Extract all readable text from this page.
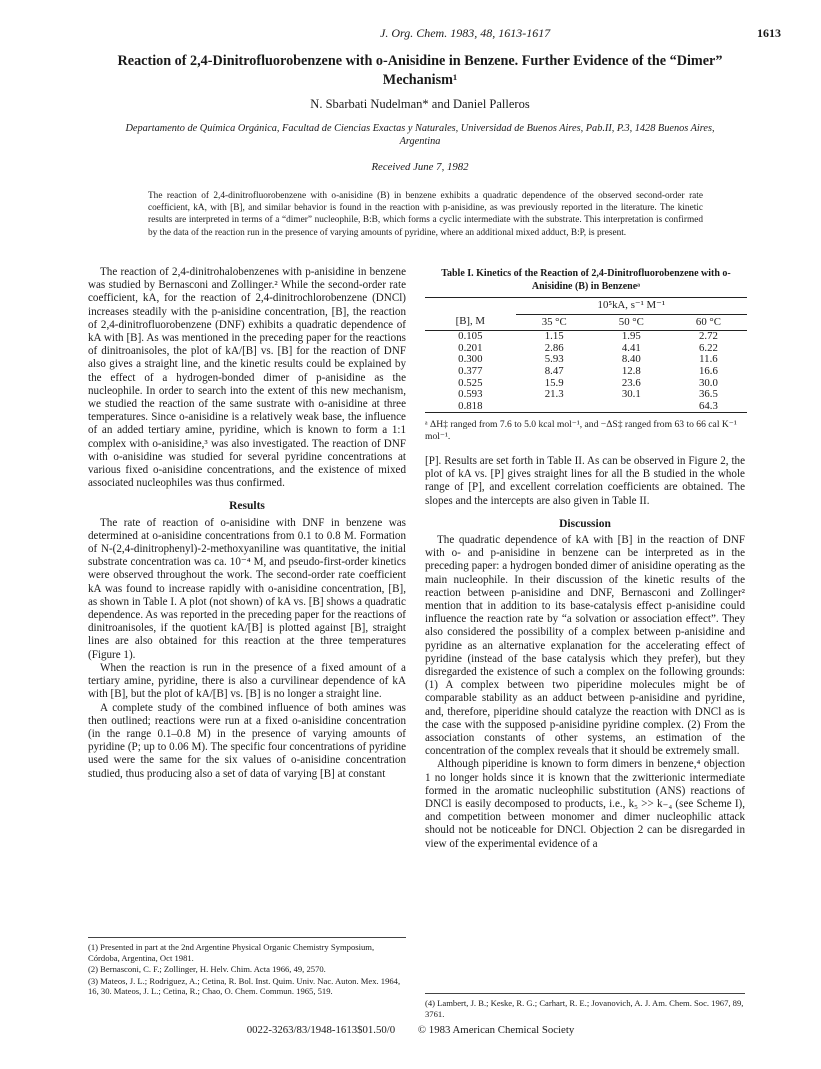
J. Org. Chem. 1983, 48, 1613-1617	1613
Reaction of 2,4-Dinitrofluorobenzene with o-Anisidine in Benzene. Further Evidence of the “Dimer” Mechanism¹
N. Sbarbati Nudelman* and Daniel Palleros
Departamento de Química Orgánica, Facultad de Ciencias Exactas y Naturales, Universidad de Buenos Aires, Pab.II, P.3, 1428 Buenos Aires, Argentina
Received June 7, 1982
The reaction of 2,4-dinitrofluorobenzene with o-anisidine (B) in benzene exhibits a quadratic dependence of the observed second-order rate coefficient, kA, with [B], and similar behavior is found in the reaction with p-anisidine, as was previously reported in the literature. The kinetic results are interpreted in terms of a “dimer” nucleophile, B:B, which forms a cyclic intermediate with the substrate. This interpretation is confirmed by the data of the reaction run in the presence of varying amounts of pyridine, where an additional mixed adduct, B:P, is present.

The reaction of 2,4-dinitrohalobenzenes with p-anisidine in benzene was studied by Bernasconi and Zollinger.² While the second-order rate coefficient, kA, for the reaction of 2,4-dinitrochlorobenzene (DNCl) increases steadily with the p-anisidine concentration, [B], the reaction of 2,4-dinitrofluorobenzene (DNF) exhibits a quadratic dependence of kA with [B]. As was mentioned in the preceding paper for the reactions of dinitroanisoles, the plot of kA/[B] vs. [B] for the reaction of DNF also gives a straight line, and the kinetic results could be explained by the effect of a hydrogen-bonded dimer of p-anisidine as the nucleophile. In order to search into the extent of this new mechanism, we studied the reaction of the same sustrate with o-anisidine at three temperatures. Since o-anisidine is a relatively weak base, the influence of an added tertiary amine, pyridine, which is known to form a 1:1 complex with o-anisidine,³ was also investigated. The reaction of DNF with o-anisidine was studied for several pyridine concentrations at various fixed o-anisidine concentrations, and the existence of mixed associated nucleophiles was thus confirmed.

Results

The rate of reaction of o-anisidine with DNF in benzene was determined at o-anisidine concentrations from 0.1 to 0.8 M. Formation of N-(2,4-dinitrophenyl)-2-methoxyaniline was quantitative, the initial substrate concentration was ca. 10⁻⁴ M, and pseudo-first-order kinetics were observed throughout the work. The second-order rate coefficient kA was found to increase rapidly with o-anisidine concentration, [B], as shown in Table I. A plot (not shown) of kA vs. [B] shows a quadratic dependence. As was reported in the preceding paper for the reactions of dinitroanisoles, if the quotient kA/[B] is plotted against [B], straight lines are also obtained for this reaction at the three temperatures (Figure 1).

When the reaction is run in the presence of a fixed amount of a tertiary amine, pyridine, there is also a curvilinear dependence of kA with [B], but the plot of kA/[B] vs. [B] is no longer a straight line.

A complete study of the combined influence of both amines was then outlined; reactions were run at a fixed o-anisidine concentration (in the range 0.1–0.8 M) in the presence of varying amounts of pyridine (P; up to 0.06 M). The specific four concentrations of pyridine used were the same for the six values of o-anisidine concentration studied, thus producing also a set of data of varying [B] at constant

Table I. Kinetics of the Reaction of 2,4-Dinitrofluorobenzene with o-Anisidine (B) in Benzeneᵃ
	10⁵kA, s⁻¹ M⁻¹		
[B], M	35 °C	50 °C	60 °C
0.105	1.15	1.95	2.72
0.201	2.86	4.41	6.22
0.300	5.93	8.40	11.6
0.377	8.47	12.8	16.6
0.525	15.9	23.6	30.0
0.593	21.3	30.1	36.5
0.818			64.3
ᵃ ΔH‡ ranged from 7.6 to 5.0 kcal mol⁻¹, and −ΔS‡ ranged from 63 to 66 cal K⁻¹ mol⁻¹.

[P]. Results are set forth in Table II. As can be observed in Figure 2, the plot of kA vs. [P] gives straight lines for all the B studied in the whole range of [P], and excellent correlation coefficients are obtained. The slopes and the intercepts are also given in Table II.

Discussion

The quadratic dependence of kA with [B] in the reaction of DNF with o- and p-anisidine in benzene can be interpreted as in the preceding paper: a hydrogen bonded dimer of anisidine operating as the main nucleophile. In their discussion of the kinetic results of the reaction between p-anisidine and DNF, Bernasconi and Zollinger² mention that in addition to its base-catalysis effect p-anisidine could influence the reaction rate by “a solvation or association effect”. They also considered the possibility of a complex between p-anisidine and pyridine as an alternative explanation for the accelerating effect of pyridine (instead of the base catalysis which they prefer), but they disregarded the existence of such a complex on the following grounds: (1) A complex between two piperidine molecules might be of comparable stability as an adduct between p-anisidine and pyridine, and, therefore, piperidine should catalyze the reaction with DNCl as is the case with the supposed p-anisidine pyridine complex. (2) From the association constants of other systems, an estimation of the concentration of the complex reveals that it should be extremely small.

Although piperidine is known to form dimers in benzene,⁴ objection 1 no longer holds since it is known that the zwitterionic intermediate formed in the aromatic nucleophilic substitution (ANS) reactions of DNCl is easily decomposed to products, i.e., k₅ >> k₋₄ (see Scheme I), and competition between monomer and dimer nucleophilic attack should not be noticeable for DNCl. Objection 2 can be disregarded in view of the experimental evidence of a

(1) Presented in part at the 2nd Argentine Physical Organic Chemistry Symposium, Córdoba, Argentina, Oct 1981.
(2) Bernasconi, C. F.; Zollinger, H. Helv. Chim. Acta 1966, 49, 2570.
(3) Mateos, J. L.; Rodriguez, A.; Cetina, R. Bol. Inst. Quim. Univ. Nac. Auton. Mex. 1964, 16, 30. Mateos, J. L.; Cetina, R.; Chao, O. Chem. Commun. 1965, 519.
(4) Lambert, J. B.; Keske, R. G.; Carhart, R. E.; Jovanovich, A. J. Am. Chem. Soc. 1967, 89, 3761.
0022-3263/83/1948-1613$01.50/0 © 1983 American Chemical Society
